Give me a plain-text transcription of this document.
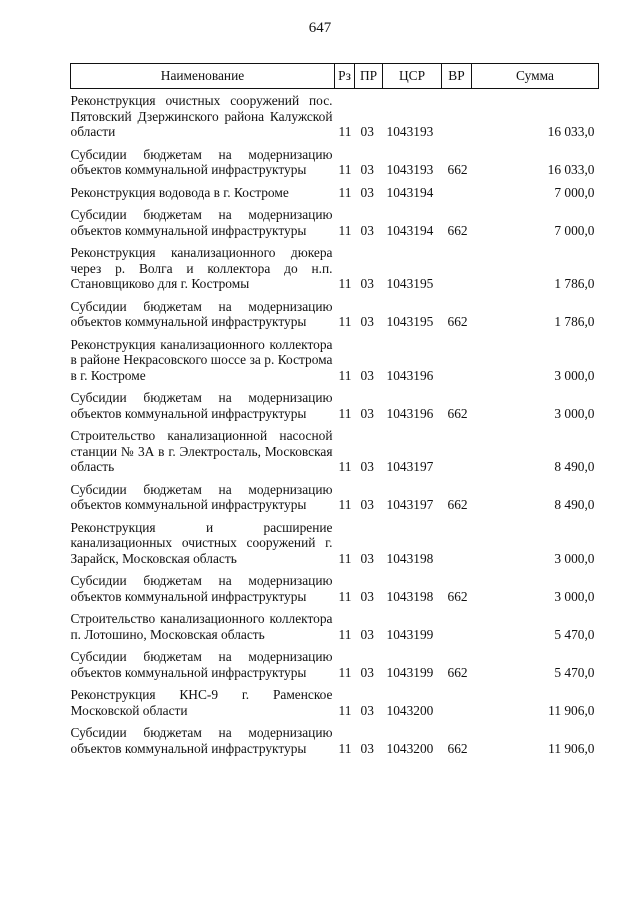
647
Наименование	Рз	ПР	ЦСР	ВР	Сумма
Реконструкция очистных сооружений пос. Пятовский Дзержинского района Калужской области	11	03	1043193		16 033,0
Субсидии бюджетам на модернизацию объектов коммунальной инфраструктуры	11	03	1043193	662	16 033,0
Реконструкция водовода в г. Костроме	11	03	1043194		7 000,0
Субсидии бюджетам на модернизацию объектов коммунальной инфраструктуры	11	03	1043194	662	7 000,0
Реконструкция канализационного дюкера через р. Волга и коллектора до н.п. Становщиково для г. Костромы	11	03	1043195		1 786,0
Субсидии бюджетам на модернизацию объектов коммунальной инфраструктуры	11	03	1043195	662	1 786,0
Реконструкция канализационного коллектора в районе Некрасовского шоссе за р. Кострома в г. Костроме	11	03	1043196		3 000,0
Субсидии бюджетам на модернизацию объектов коммунальной инфраструктуры	11	03	1043196	662	3 000,0
Строительство канализационной насосной станции № 3А в г. Электросталь, Московская область	11	03	1043197		8 490,0
Субсидии бюджетам на модернизацию объектов коммунальной инфраструктуры	11	03	1043197	662	8 490,0
Реконструкция и расширение канализационных очистных сооружений г. Зарайск, Московская область	11	03	1043198		3 000,0
Субсидии бюджетам на модернизацию объектов коммунальной инфраструктуры	11	03	1043198	662	3 000,0
Строительство канализационного коллектора п. Лотошино, Московская область	11	03	1043199		5 470,0
Субсидии бюджетам на модернизацию объектов коммунальной инфраструктуры	11	03	1043199	662	5 470,0
Реконструкция КНС-9 г. Раменское Московской области	11	03	1043200		11 906,0
Субсидии бюджетам на модернизацию объектов коммунальной инфраструктуры	11	03	1043200	662	11 906,0
